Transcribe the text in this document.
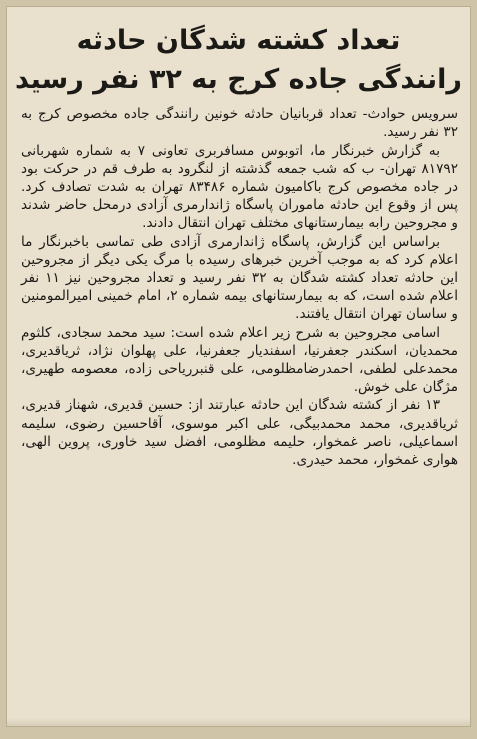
تعداد کشته شدگان حادثه
رانندگی جاده کرج به ۳۲ نفر رسید

سرویس حوادث- تعداد قربانیان حادثه خونین رانندگی جاده مخصوص کرج به ۳۲ نفر رسید.

به گزارش خبرنگار ما، اتوبوس مسافربری تعاونی ۷ به شماره شهربانی ۸۱۷۹۲ تهران- ب که شب جمعه گذشته از لنگرود به طرف قم در حرکت بود در جاده مخصوص کرج باکامیون شماره ۸۳۴۸۶ تهران به شدت تصادف کرد. پس از وقوع این حادثه ماموران پاسگاه ژاندارمری آزادی درمحل حاضر شدند و مجروحین رابه بیمارستانهای مختلف تهران انتقال دادند.

براساس این گزارش، پاسگاه ژاندارمری آزادی طی تماسی باخبرنگار ما اعلام کرد که به موجب آخرین خبرهای رسیده با مرگ یکی دیگر از مجروحین این حادثه تعداد کشته شدگان به ۳۲ نفر رسید و تعداد مجروحین نیز ۱۱ نفر اعلام شده است، که به بیمارستانهای بیمه شماره ۲، امام خمینی امیرالمومنین و ساسان تهران انتقال یافتند.

اسامی مجروحین به شرح زیر اعلام شده است: سید محمد سجادی، کلثوم محمدیان، اسکندر جعفرنیا، اسفندیار جعفرنیا، علی پهلوان نژاد، ثریاقدیری، محمدعلی لطفی، احمدرضامظلومی، علی قنبرریاحی زاده، معصومه طهیری، مژگان علی خوش.

۱۳ نفر از کشته شدگان این حادثه عبارتند از: حسین قدیری، شهناز قدیری، ثریاقدیری، محمد محمدبیگی، علی اکبر موسوی، آقاحسین رضوی، سلیمه اسماعیلی، ناصر غمخوار، حلیمه مظلومی، افضل سید خاوری، پروین الهی، هواری غمخوار، محمد حیدری.
